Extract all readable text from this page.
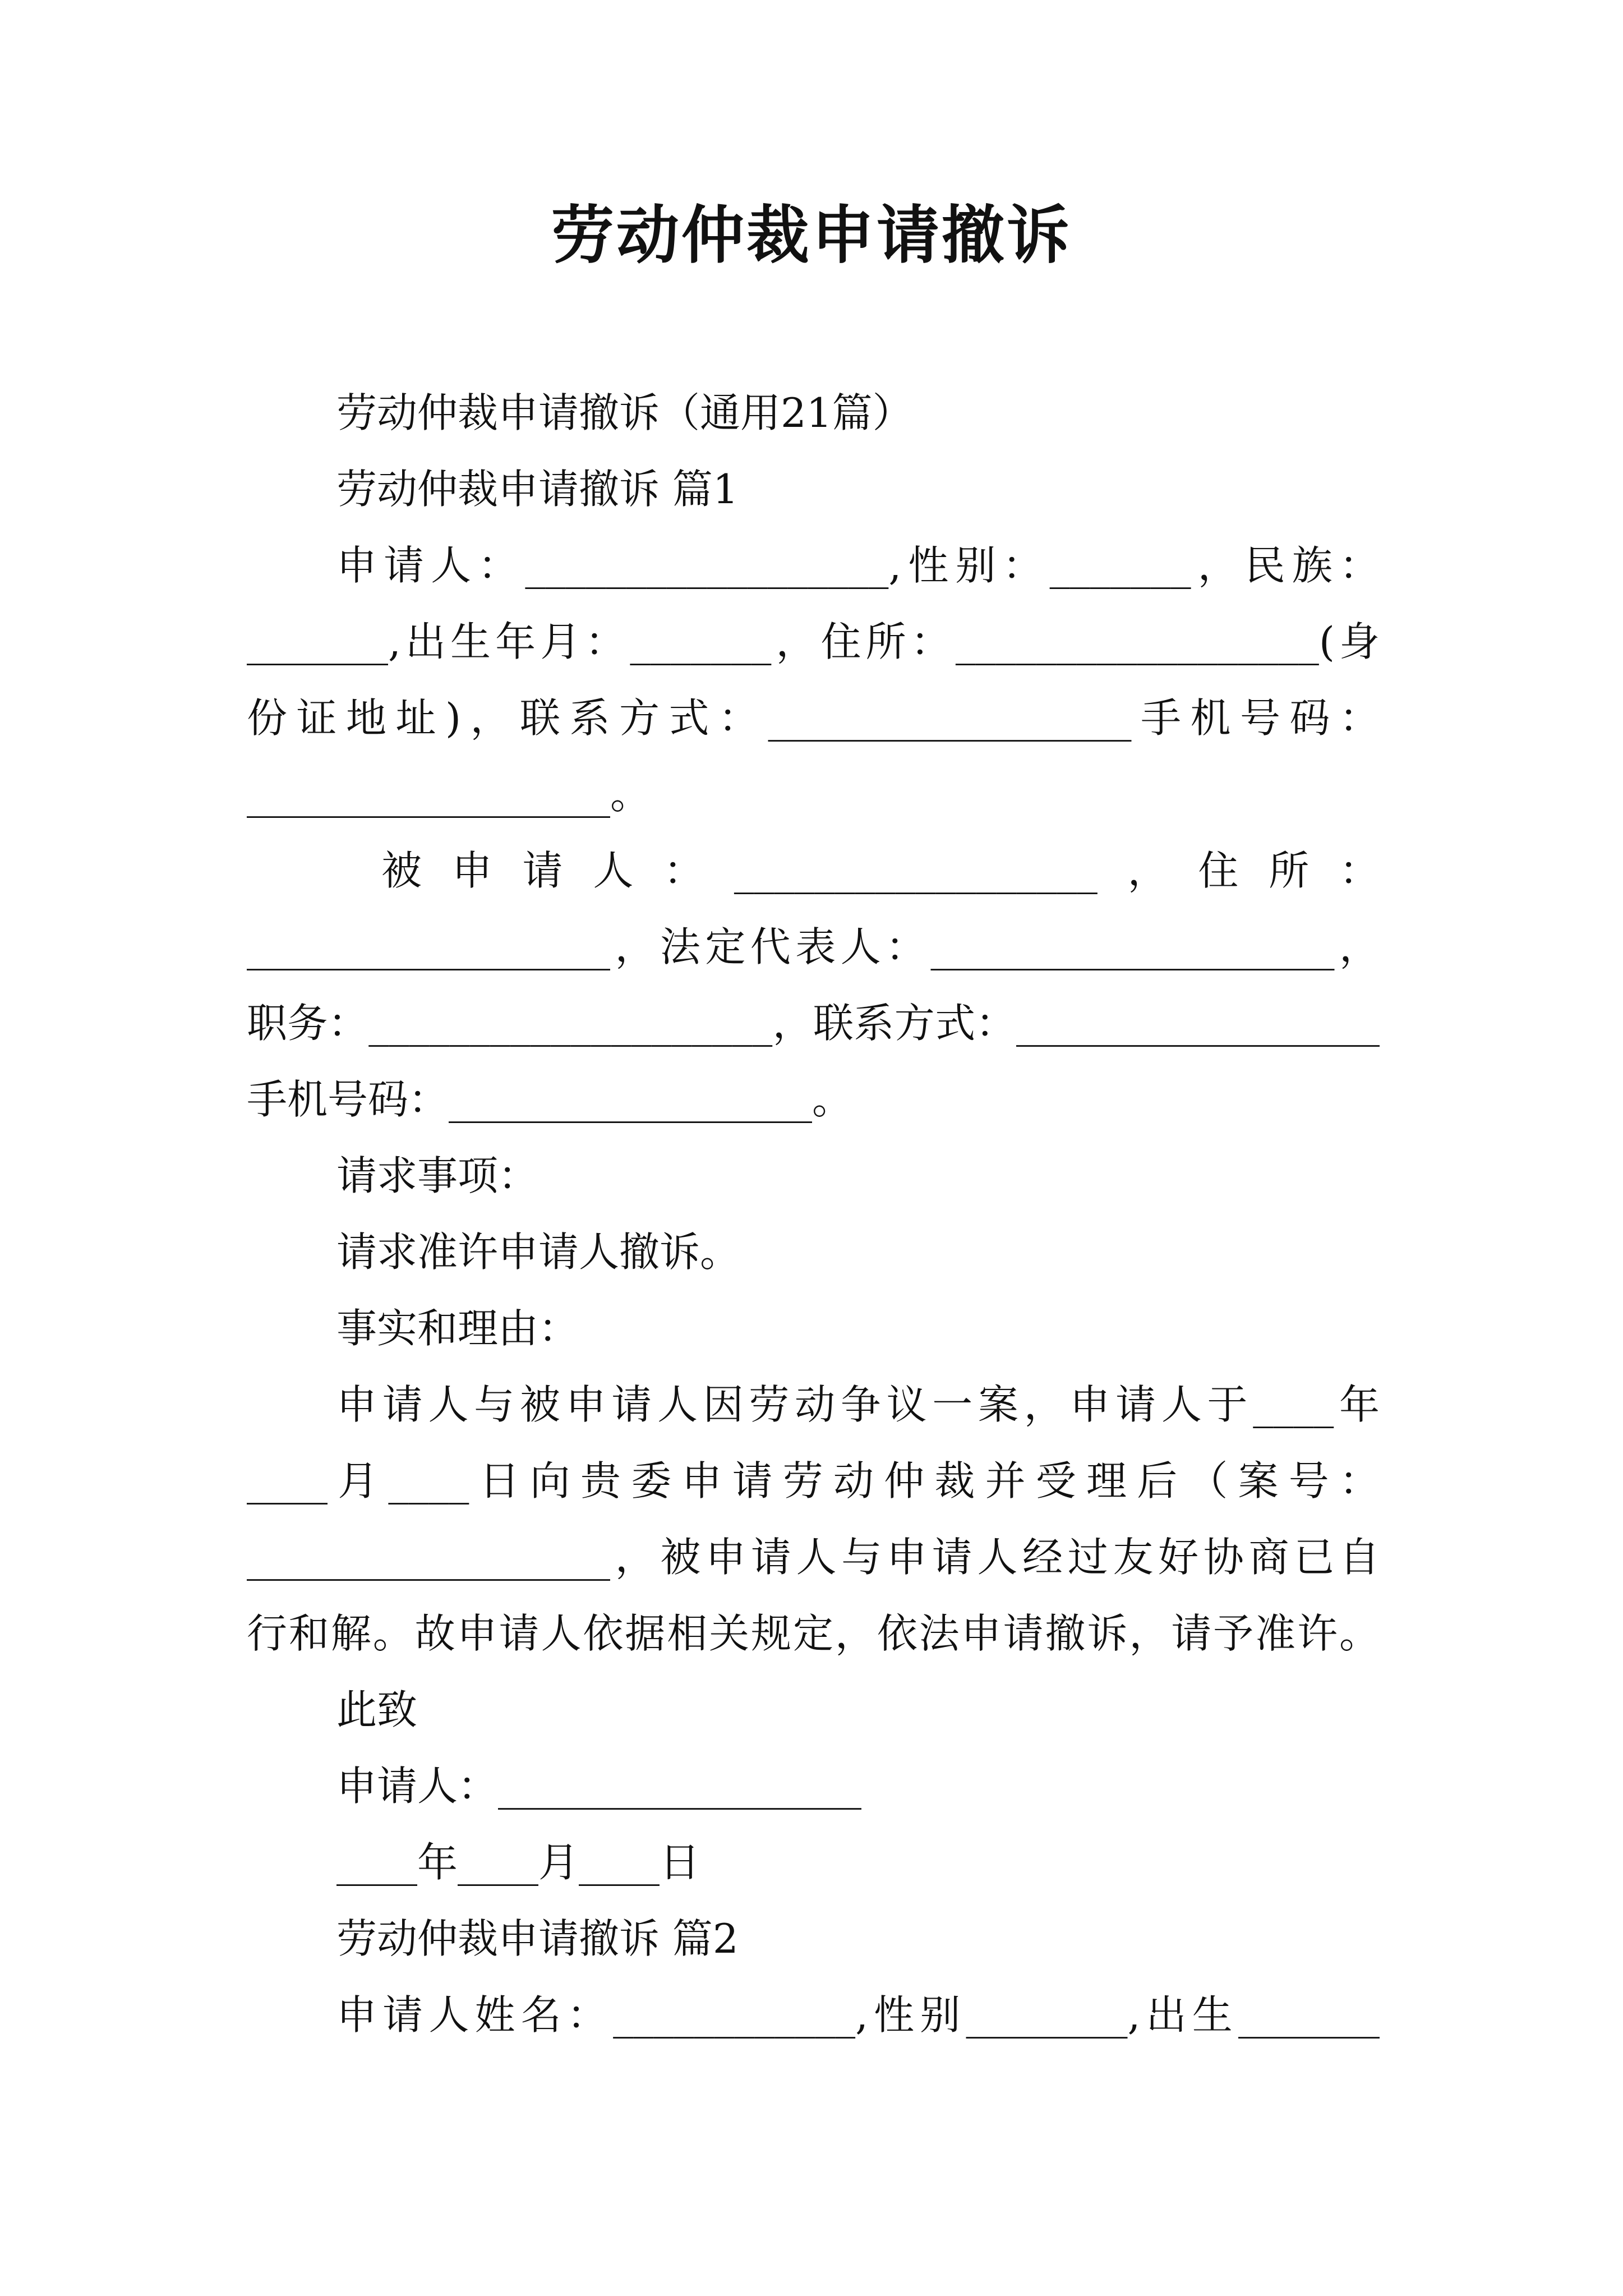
劳动仲裁申请撤诉
劳动仲裁申请撤诉（通用21篇）
劳动仲裁申请撤诉 篇1
申请人：__________________,性别：_______，民族：
_______,出生年月：_______，住所：__________________(身
份证地址)，联系方式：__________________手机号码：
__________________。
被申请人：__________________，住所：
__________________，法定代表人：____________________，
职务：____________________，联系方式：__________________
手机号码：__________________。
请求事项：
请求准许申请人撤诉。
事实和理由：
申请人与被申请人因劳动争议一案，申请人于____年
____月____日向贵委申请劳动仲裁并受理后（案号：
__________________，被申请人与申请人经过友好协商已自
行和解。故申请人依据相关规定，依法申请撤诉，请予准许。
此致
申请人：__________________
____年____月____日
劳动仲裁申请撤诉 篇2
申请人姓名：____________,性别________,出生_______
